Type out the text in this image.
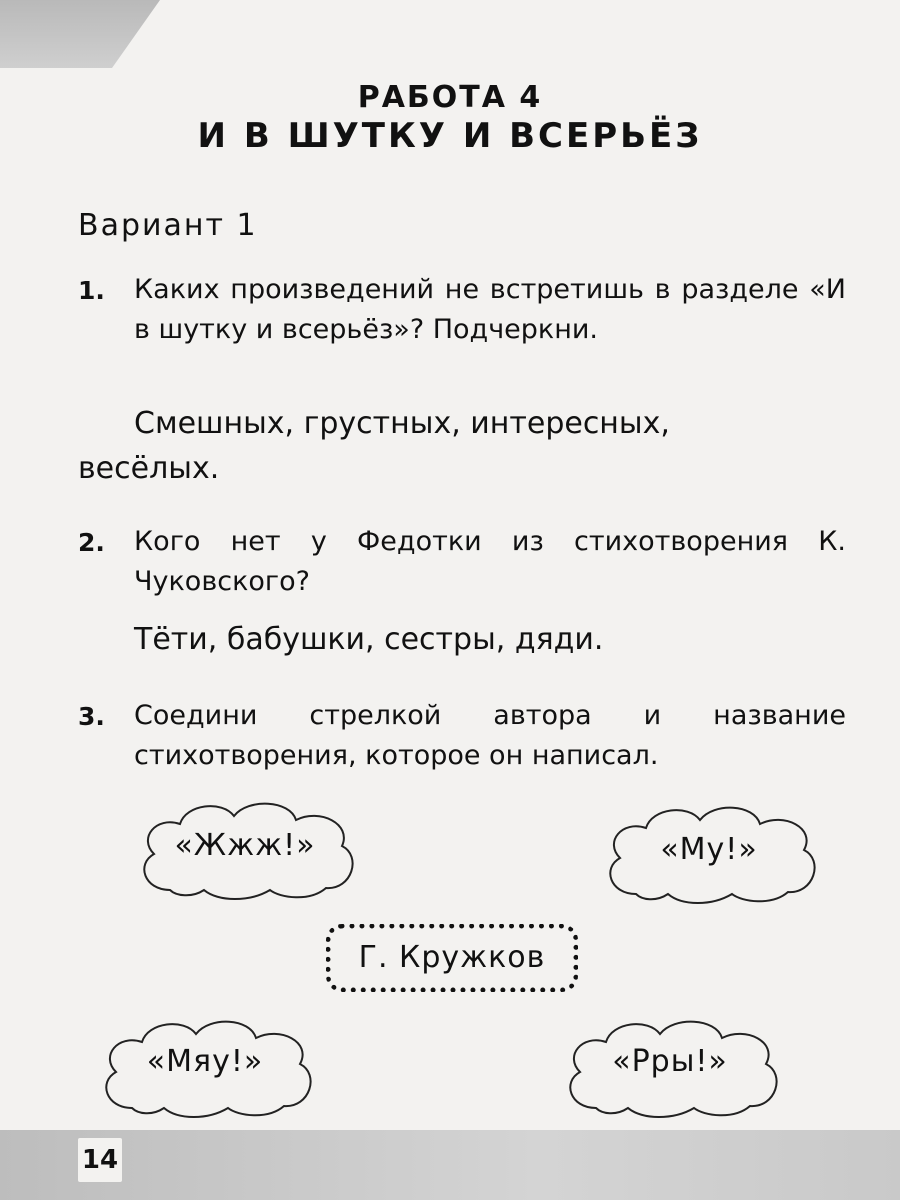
РАБОТА 4
И В ШУТКУ И ВСЕРЬЁЗ
Вариант 1
1. Каких произведений не встретишь в разделе «И в шутку и всерьёз»? Подчеркни.
Смешных, грустных, интересных,
весёлых.
2. Кого нет у Федотки из стихотворения К. Чуковского?
Тёти, бабушки, сестры, дяди.
3. Соедини стрелкой автора и название стихотворения, которое он написал.
«Жжж!»	«Му!»
«Мяу!»	«Рры!»
Г. Кружков
14
